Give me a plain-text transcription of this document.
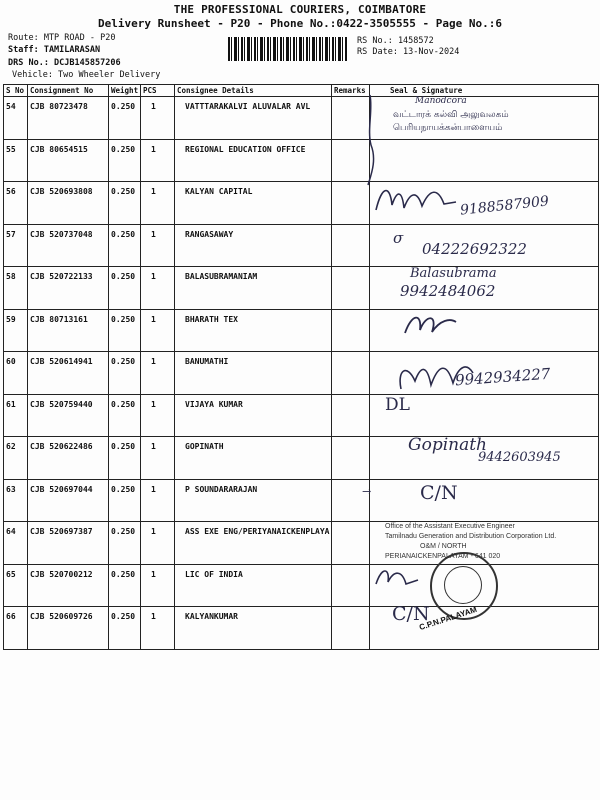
THE PROFESSIONAL COURIERS, COIMBATORE
Delivery Runsheet - P20 - Phone No.:0422-3505555 - Page No.:6
Route: MTP ROAD - P20
Staff: TAMILARASAN
DRS No.: DCJB145857206
Vehicle: Two Wheeler Delivery
RS No.: 1458572
RS Date: 13-Nov-2024
S No	Consignment No	Weight	PCS	Consignee Details	Remarks	Seal & Signature
54	CJB 80723478	0.250	1	VATTTARAKALVI ALUVALAR AVL		
55	CJB 80654515	0.250	1	REGIONAL EDUCATION OFFICE		
56	CJB 520693808	0.250	1	KALYAN CAPITAL		
57	CJB 520737048	0.250	1	RANGASAWAY		
58	CJB 520722133	0.250	1	BALASUBRAMANIAM		
59	CJB 80713161	0.250	1	BHARATH TEX		
60	CJB 520614941	0.250	1	BANUMATHI		
61	CJB 520759440	0.250	1	VIJAYA KUMAR		
62	CJB 520622486	0.250	1	GOPINATH		
63	CJB 520697044	0.250	1	P SOUNDARARAJAN		
64	CJB 520697387	0.250	1	ASS EXE ENG/PERIYANAICKENPLAYA		
65	CJB 520700212	0.250	1	LIC OF INDIA		
66	CJB 520609726	0.250	1	KALYANKUMAR		
Manodcora
வட்டாரக் கல்வி அலுவலகம்
பெரியநாயக்கன்பாளையம்
9188587909
σ
04222692322
Balasubrama
9942484062
9942934227
DL
Gopinath
9442603945
C/N
→
Office of the Assistant Executive Engineer
Tamilnadu Generation and Distribution Corporation Ltd.
O&M / NORTH
PERIANAICKENPALAYAM - 641 020
C.P.N.PALAYAM
C/N
